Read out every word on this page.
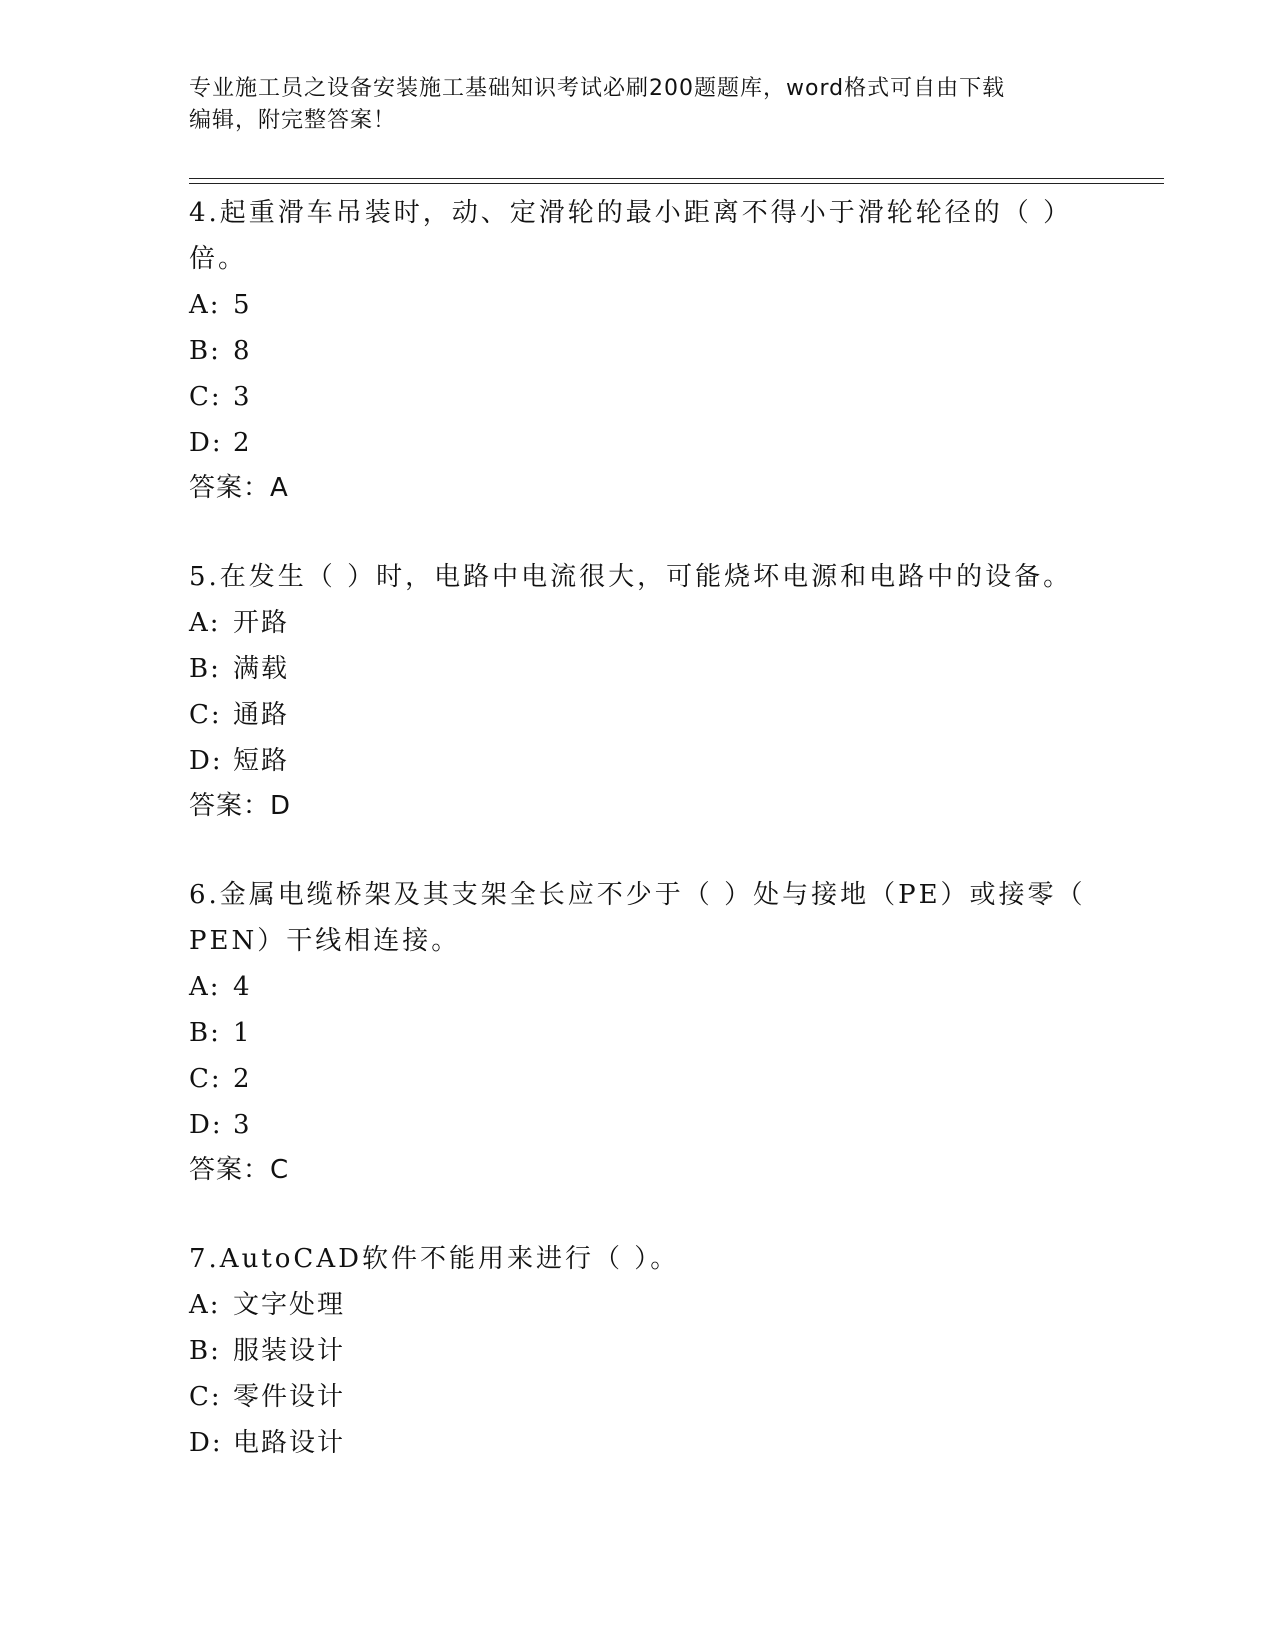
专业施工员之设备安装施工基础知识考试必刷200题题库，word格式可自由下载
编辑，附完整答案！
4.起重滑车吊装时，动、定滑轮的最小距离不得小于滑轮轮径的（ ）
倍。
A: 5
B: 8
C: 3
D: 2
答案：A
5.在发生（ ）时，电路中电流很大，可能烧坏电源和电路中的设备。
A: 开路
B: 满载
C: 通路
D: 短路
答案：D
6.金属电缆桥架及其支架全长应不少于（ ）处与接地（PE）或接零（
PEN）干线相连接。
A: 4
B: 1
C: 2
D: 3
答案：C
7.AutoCAD软件不能用来进行（ ）。
A: 文字处理
B: 服装设计
C: 零件设计
D: 电路设计
